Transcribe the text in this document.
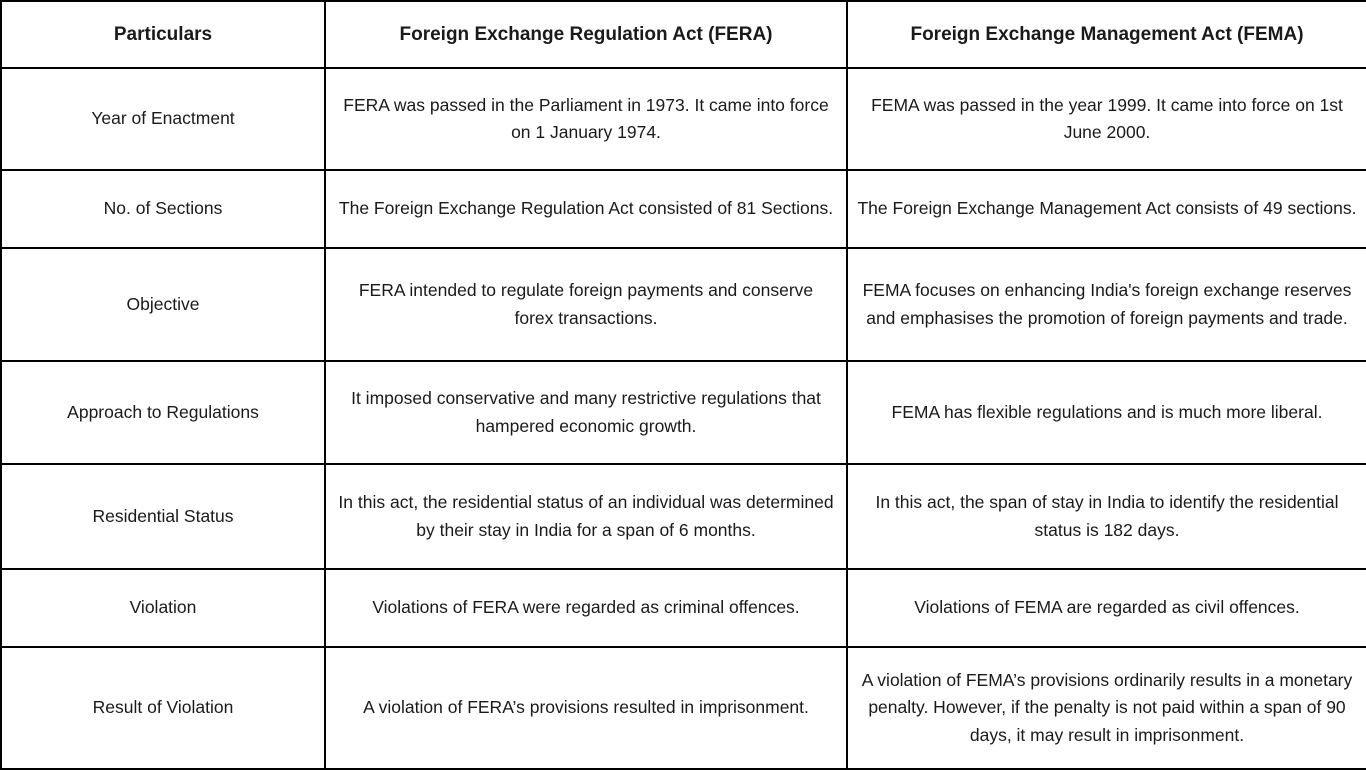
Particulars	Foreign Exchange Regulation Act (FERA)	Foreign Exchange Management Act (FEMA)
Year of Enactment	FERA was passed in the Parliament in 1973. It came into force on 1 January 1974.	FEMA was passed in the year 1999. It came into force on 1st June 2000.
No. of Sections	The Foreign Exchange Regulation Act consisted of 81 Sections.	The Foreign Exchange Management Act consists of 49 sections.
Objective	FERA intended to regulate foreign payments and conserve forex transactions.	FEMA focuses on enhancing India's foreign exchange reserves and emphasises the promotion of foreign payments and trade.
Approach to Regulations	It imposed conservative and many restrictive regulations that hampered economic growth.	FEMA has flexible regulations and is much more liberal.
Residential Status	In this act, the residential status of an individual was determined by their stay in India for a span of 6 months.	In this act, the span of stay in India to identify the residential status is 182 days.
Violation	Violations of FERA were regarded as criminal offences.	Violations of FEMA are regarded as civil offences.
Result of Violation	A violation of FERA’s provisions resulted in imprisonment.	A violation of FEMA’s provisions ordinarily results in a monetary penalty. However, if the penalty is not paid within a span of 90 days, it may result in imprisonment.
